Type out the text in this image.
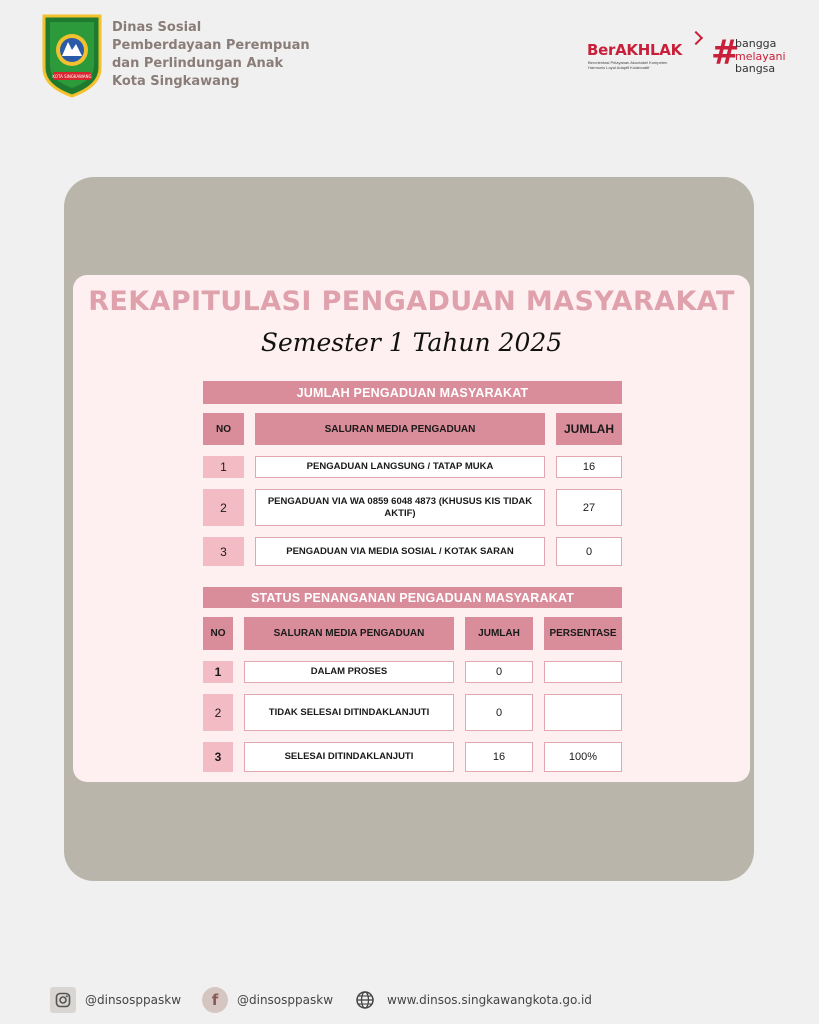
KOTA SINGKAWANG
Dinas Sosial
Pemberdayaan Perempuan
dan Perlindungan Anak
Kota Singkawang
BerAKHLAK
Berorientasi Pelayanan Akuntabel Kompeten
Harmonis Loyal Adaptif Kolaboratif	#
bangga
melayani
bangsa
REKAPITULASI PENGADUAN MASYARAKAT
Semester 1 Tahun 2025
JUMLAH PENGADUAN MASYARAKAT
NO	SALURAN MEDIA PENGADUAN	JUMLAH
1	PENGADUAN LANGSUNG / TATAP MUKA	16
2	PENGADUAN VIA WA 0859 6048 4873 (KHUSUS KIS TIDAK AKTIF)	27
3	PENGADUAN VIA MEDIA SOSIAL / KOTAK SARAN	0
STATUS PENANGANAN PENGADUAN MASYARAKAT
NO	SALURAN MEDIA PENGADUAN	JUMLAH	PERSENTASE
1	DALAM PROSES	0
2	TIDAK SELESAI DITINDAKLANJUTI	0
3	SELESAI DITINDAKLANJUTI	16	100%
@dinsosppaskw f @dinsosppaskw	www.dinsos.singkawangkota.go.id
